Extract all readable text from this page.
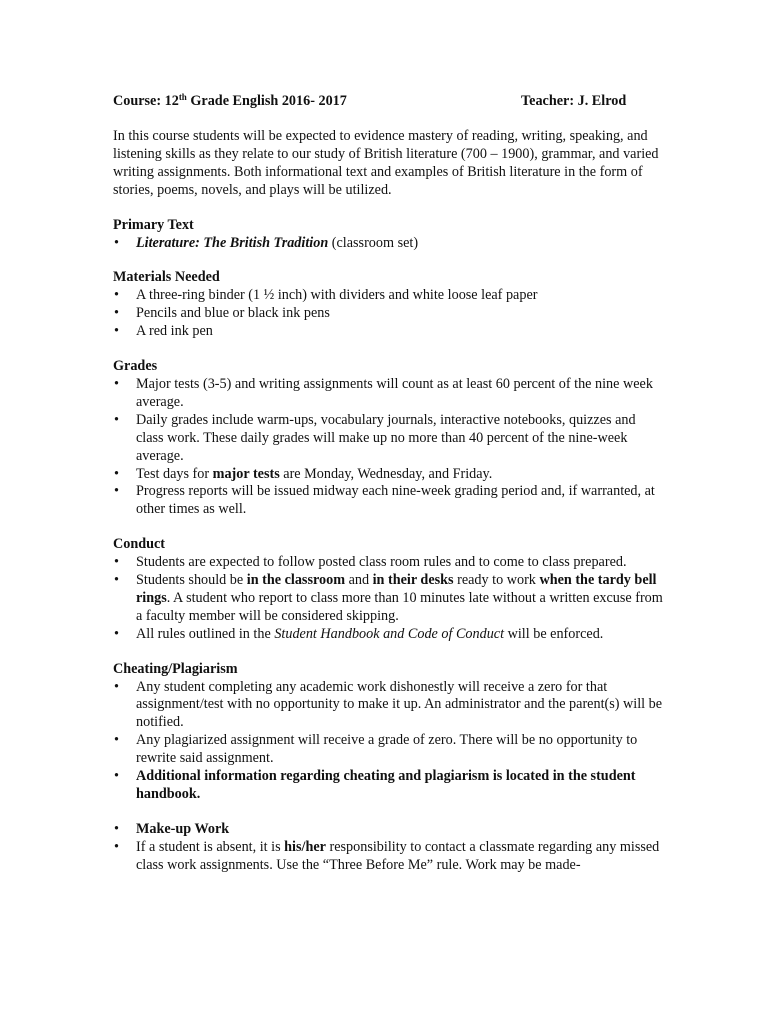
Course: 12th Grade English 2016- 2017	Teacher: J. Elrod
In this course students will be expected to evidence mastery of reading, writing, speaking, and listening skills as they relate to our study of British literature (700 – 1900), grammar, and varied writing assignments. Both informational text and examples of British literature in the form of stories, poems, novels, and plays will be utilized.
Primary Text
• Literature: The British Tradition (classroom set)
Materials Needed
• A three-ring binder (1 ½ inch) with dividers and white loose leaf paper
• Pencils and blue or black ink pens
• A red ink pen
Grades
• Major tests (3-5) and writing assignments will count as at least 60 percent of the nine week average.
• Daily grades include warm-ups, vocabulary journals, interactive notebooks, quizzes and class work. These daily grades will make up no more than 40 percent of the nine-week average.
• Test days for major tests are Monday, Wednesday, and Friday.
• Progress reports will be issued midway each nine-week grading period and, if warranted, at other times as well.
Conduct
• Students are expected to follow posted class room rules and to come to class prepared.
• Students should be in the classroom and in their desks ready to work when the tardy bell rings. A student who report to class more than 10 minutes late without a written excuse from a faculty member will be considered skipping.
• All rules outlined in the Student Handbook and Code of Conduct will be enforced.
Cheating/Plagiarism
• Any student completing any academic work dishonestly will receive a zero for that assignment/test with no opportunity to make it up. An administrator and the parent(s) will be notified.
• Any plagiarized assignment will receive a grade of zero. There will be no opportunity to rewrite said assignment.
• Additional information regarding cheating and plagiarism is located in the student handbook.
• Make-up Work
• If a student is absent, it is his/her responsibility to contact a classmate regarding any missed class work assignments. Use the “Three Before Me” rule. Work may be made-
